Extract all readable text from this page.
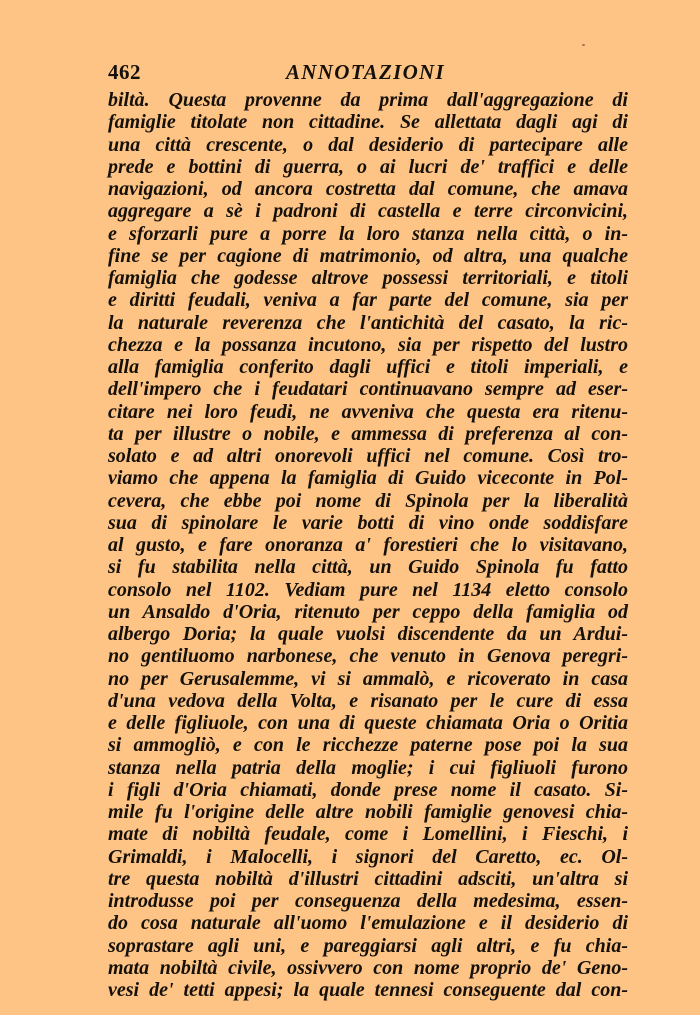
462	ANNOTAZIONI
biltà. Questa provenne da prima dall'aggregazione di
famiglie titolate non cittadine. Se allettata dagli agi di
una città crescente, o dal desiderio di partecipare alle
prede e bottini di guerra, o ai lucri de' traffici e delle
navigazioni, od ancora costretta dal comune, che amava
aggregare a sè i padroni di castella e terre circonvicini,
e sforzarli pure a porre la loro stanza nella città, o in-
fine se per cagione di matrimonio, od altra, una qualche
famiglia che godesse altrove possessi territoriali, e titoli
e diritti feudali, veniva a far parte del comune, sia per
la naturale reverenza che l'antichità del casato, la ric-
chezza e la possanza incutono, sia per rispetto del lustro
alla famiglia conferito dagli uffici e titoli imperiali, e
dell'impero che i feudatari continuavano sempre ad eser-
citare nei loro feudi, ne avveniva che questa era ritenu-
ta per illustre o nobile, e ammessa di preferenza al con-
solato e ad altri onorevoli uffici nel comune. Così tro-
viamo che appena la famiglia di Guido viceconte in Pol-
cevera, che ebbe poi nome di Spinola per la liberalità
sua di spinolare le varie botti di vino onde soddisfare
al gusto, e fare onoranza a' forestieri che lo visitavano,
si fu stabilita nella città, un Guido Spinola fu fatto
consolo nel 1102. Vediam pure nel 1134 eletto consolo
un Ansaldo d'Oria, ritenuto per ceppo della famiglia od
albergo Doria; la quale vuolsi discendente da un Ardui-
no gentiluomo narbonese, che venuto in Genova peregri-
no per Gerusalemme, vi si ammalò, e ricoverato in casa
d'una vedova della Volta, e risanato per le cure di essa
e delle figliuole, con una di queste chiamata Oria o Oritia
si ammogliò, e con le ricchezze paterne pose poi la sua
stanza nella patria della moglie; i cui figliuoli furono
i figli d'Oria chiamati, donde prese nome il casato. Si-
mile fu l'origine delle altre nobili famiglie genovesi chia-
mate di nobiltà feudale, come i Lomellini, i Fieschi, i
Grimaldi, i Malocelli, i signori del Caretto, ec. Ol-
tre questa nobiltà d'illustri cittadini adsciti, un'altra si
introdusse poi per conseguenza della medesima, essen-
do cosa naturale all'uomo l'emulazione e il desiderio di
soprastare agli uni, e pareggiarsi agli altri, e fu chia-
mata nobiltà civile, ossivvero con nome proprio de' Geno-
vesi de' tetti appesi; la quale tennesi conseguente dal con-
